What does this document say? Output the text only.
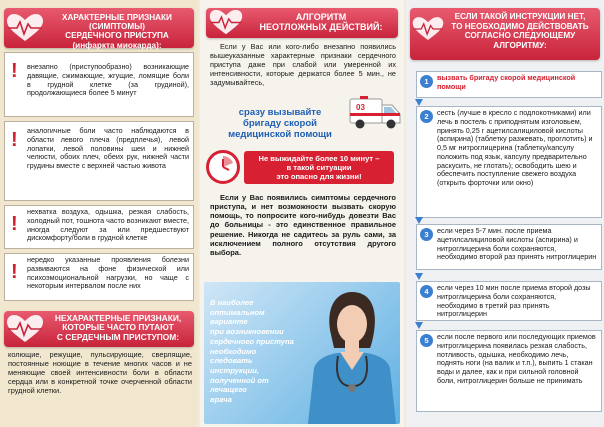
ХАРАКТЕРНЫЕ ПРИЗНАКИ (СИМПТОМЫ)
СЕРДЕЧНОГО ПРИСТУПА
(инфаркта миокарда):
! внезапно (приступообразно) возникающие давящие, сжимающие, жгущие, ломящие боли в грудной клетке (за грудиной), продолжающиеся более 5 минут
! аналогичные боли часто наблюдаются в области левого плеча (предплечья), левой лопатки, левой половины шеи и нижней челюсти, обоих плеч, обеих рук, нижней части грудины вместе с верхней частью живота
!
нехватка воздуха, одышка, резкая слабость, холодный пот, тошнота часто возникают вместе, иногда следуют за или предшествуют дискомфорту/боли в грудной клетке
!
нередко указанные проявления болезни развиваются на фоне физической или психоэмоциональной нагрузки, но чаще с некоторым интервалом после них
НЕХАРАКТЕРНЫЕ ПРИЗНАКИ,
КОТОРЫЕ ЧАСТО ПУТАЮТ
С СЕРДЕЧНЫМ ПРИСТУПОМ:
колющие, режущие, пульсирующие, сверлящие, постоянные ноющие в течение многих часов и не меняющие своей интенсивности боли в области сердца или в конкретной точке очерченной области грудной клетки.
АЛГОРИТМ
НЕОТЛОЖНЫХ ДЕЙСТВИЙ:
Если у Вас или кого-либо внезапно появились вышеуказанные характерные признаки сердечного приступа даже при слабой или умеренной их интенсивности, которые держатся более 5 мин., не задумывайтесь,
03
сразу вызывайте
бригаду скорой
медицинской помощи
Не выжидайте более 10 минут –
в такой ситуации
это опасно для жизни!
Если у Вас появились симптомы сердечного приступа, и нет возможности вызвать скорую помощь, то попросите кого-нибудь довезти Вас до больницы - это единственное правильное решение. Никогда не садитесь за руль сами, за исключением полного отсутствия другого выбора.
В наиболее
оптимальном варианте
при возникновении
сердечного приступа
необходимо
следовать инструкции,
полученной от
лечащего
врача
ЕСЛИ ТАКОЙ ИНСТРУКЦИИ НЕТ,
ТО НЕОБХОДИМО ДЕЙСТВОВАТЬ
СОГЛАСНО СЛЕДУЮЩЕМУ
АЛГОРИТМУ:
1	вызвать бригаду скорой медицинской помощи
2	сесть (лучше в кресло с подлокотниками) или лечь в постель с приподнятым изголовьем, принять 0,25 г ацетилсалициловой кислоты (аспирина) (таблетку разжевать, проглотить) и 0,5 мг нитроглицерина (таблетку/капсулу положить под язык, капсулу предварительно раскусить, не глотать); освободить шею и обеспечить поступление свежего воздуха (открыть форточки или окно)
3	если через 5-7 мин. после приема ацетилсалициловой кислоты (аспирина) и нитроглицерина боли сохраняются, необходимо второй раз принять нитроглицерин
4	если через 10 мин после приема второй дозы нитроглицерина боли сохраняются, необходимо в третий раз принять нитроглицерин
5	если после первого или последующих приемов нитроглицерина появилась резкая слабость, потливость, одышка, необходимо лечь, поднять ноги (на валик и т.п.), выпить 1 стакан воды и далее, как и при сильной головной боли, нитроглицерин больше не принимать
